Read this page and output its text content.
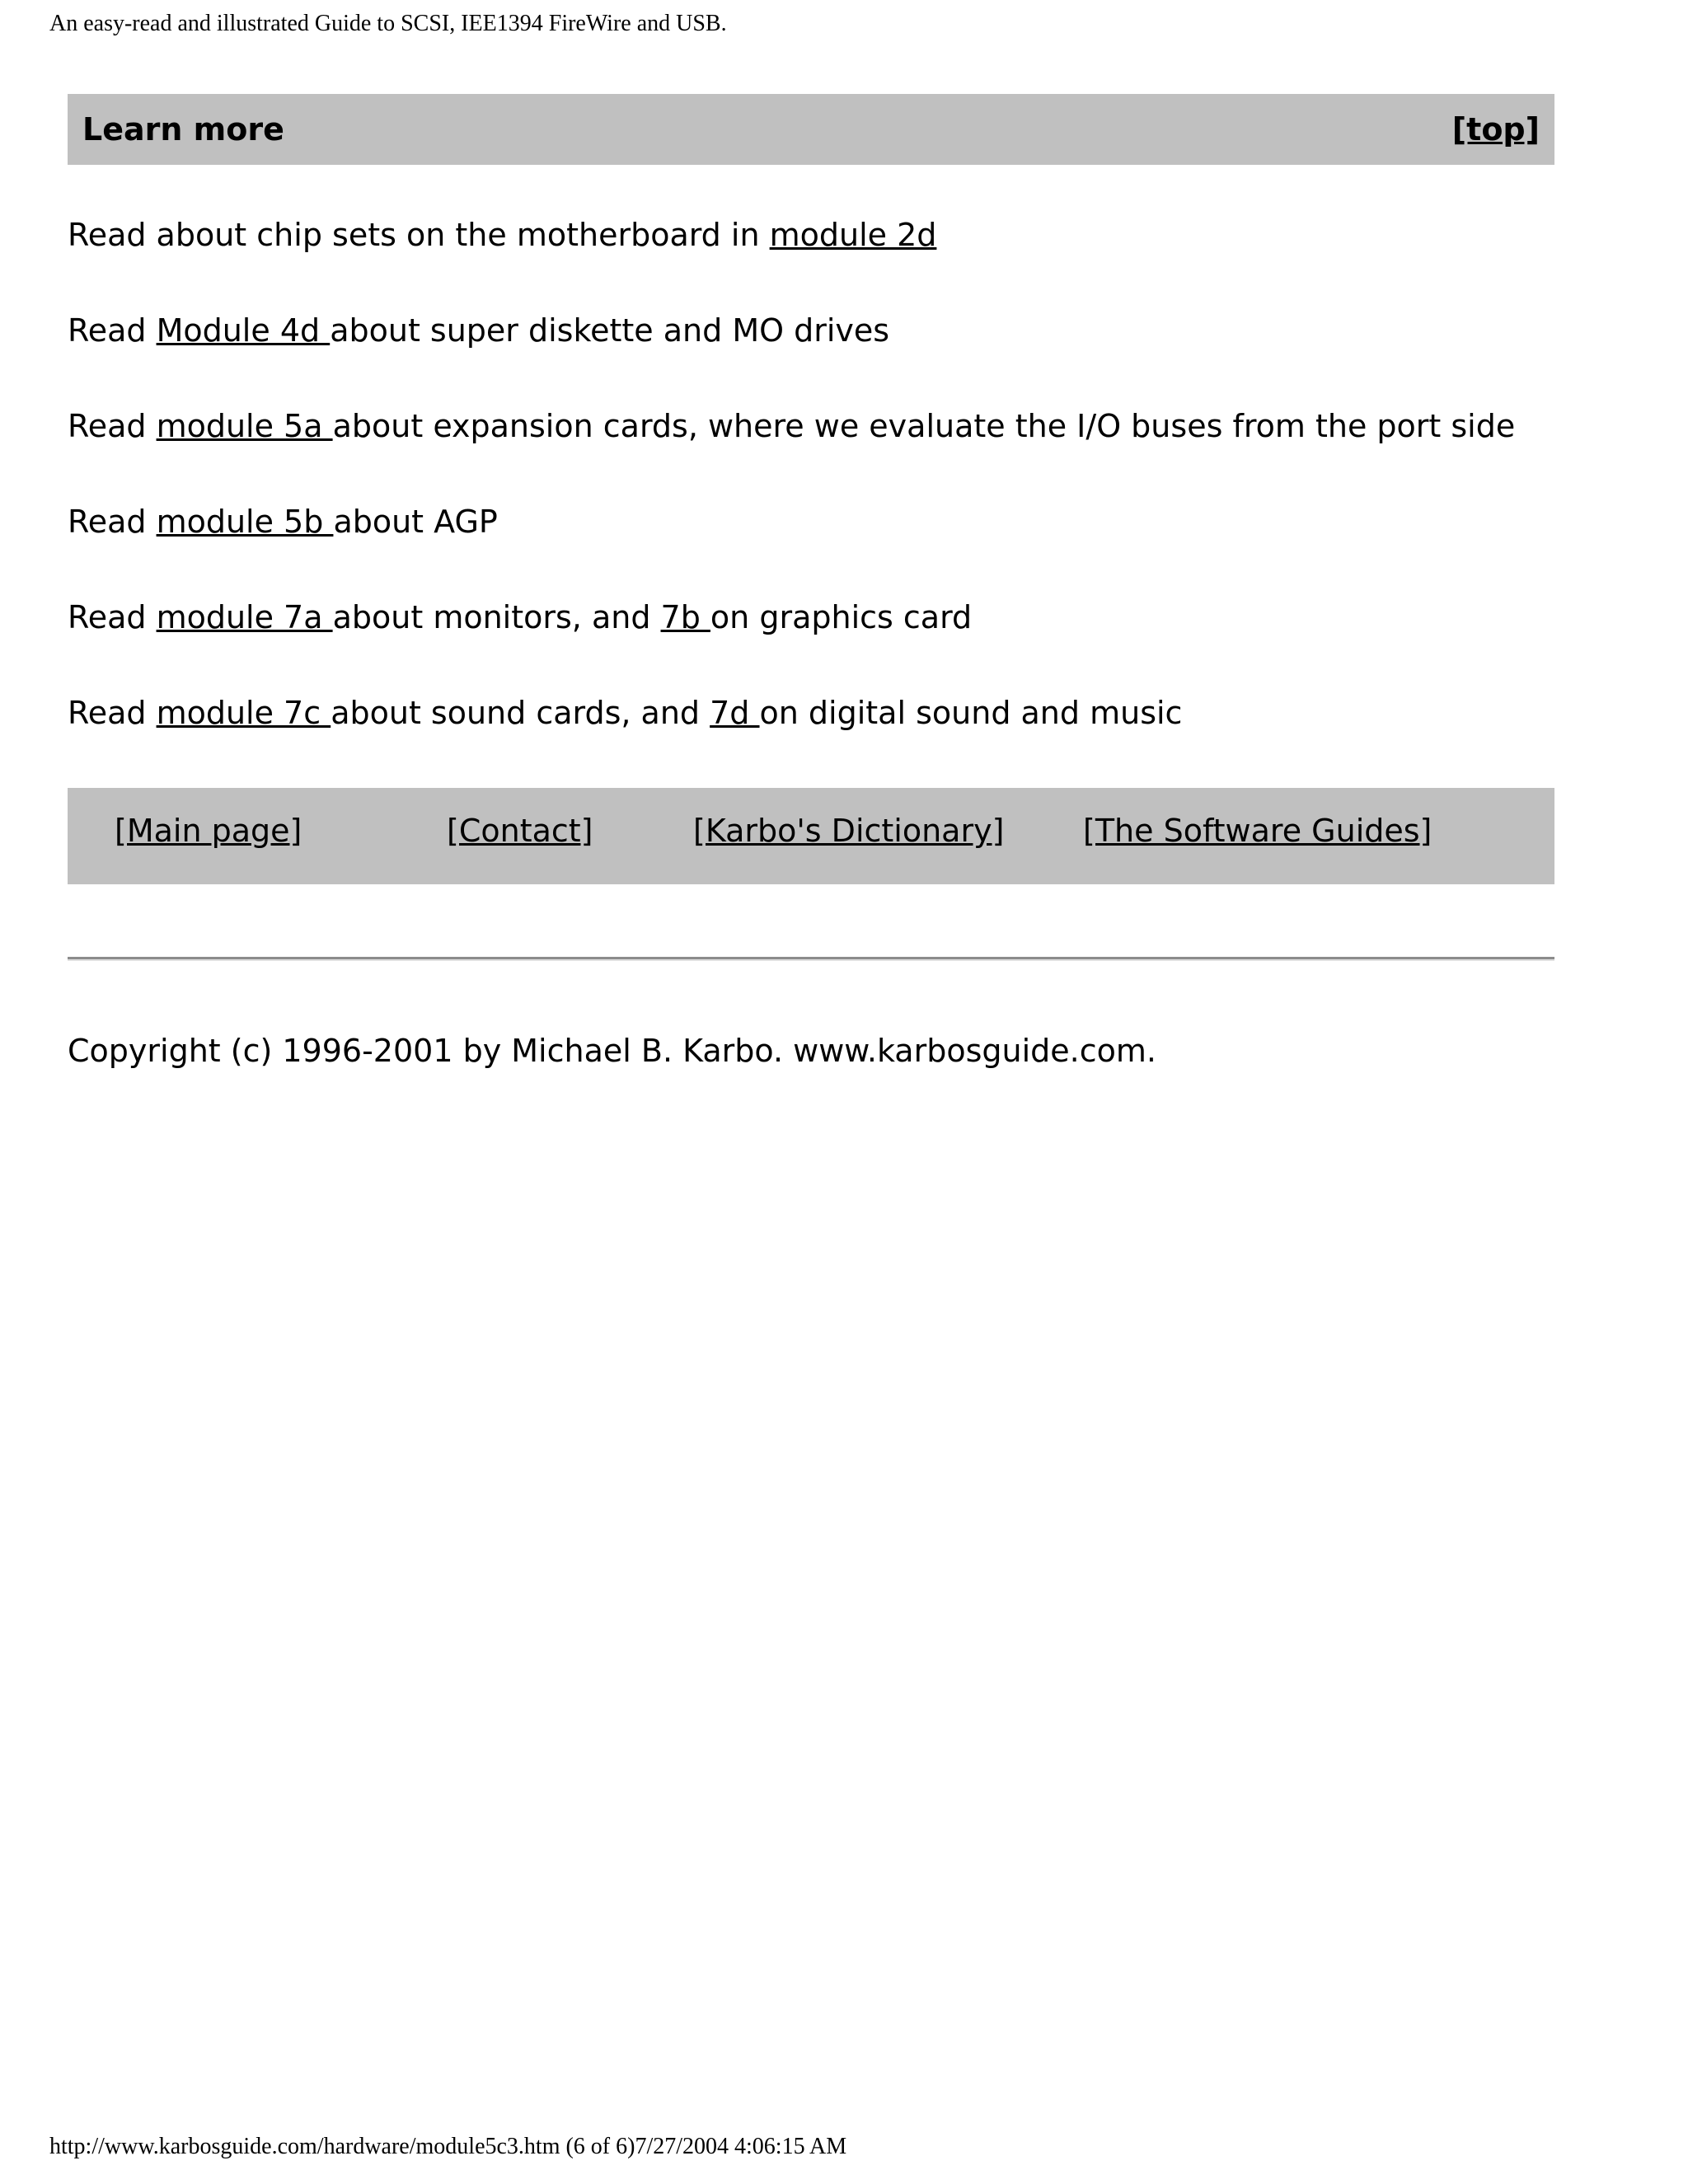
An easy-read and illustrated Guide to SCSI, IEE1394 FireWire and USB.
Learn more	[top]

Read about chip sets on the motherboard in module 2d

Read Module 4d about super diskette and MO drives

Read module 5a about expansion cards, where we evaluate the I/O buses from the port side

Read module 5b about AGP

Read module 7a about monitors, and 7b on graphics card

Read module 7c about sound cards, and 7d on digital sound and music

[Main page]	[Contact]	[Karbo's Dictionary]	[The Software Guides]
Copyright (c) 1996-2001 by Michael B. Karbo. www.karbosguide.com.
http://www.karbosguide.com/hardware/module5c3.htm (6 of 6)7/27/2004 4:06:15 AM
